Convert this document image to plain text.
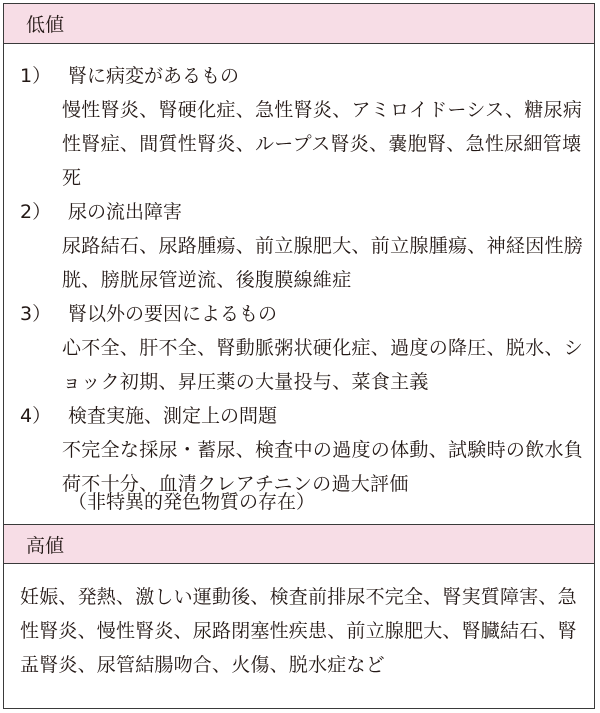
低値
1） 腎に病変があるもの
慢性腎炎、腎硬化症、急性腎炎、アミロイドーシス、糖尿病性腎症、間質性腎炎、ループス腎炎、嚢胞腎、急性尿細管壊死
2） 尿の流出障害
尿路結石、尿路腫瘍、前立腺肥大、前立腺腫瘍、神経因性膀胱、膀胱尿管逆流、後腹膜線維症
3） 腎以外の要因によるもの
心不全、肝不全、腎動脈粥状硬化症、過度の降圧、脱水、ショック初期、昇圧薬の大量投与、菜食主義
4） 検査実施、測定上の問題
不完全な採尿・蓄尿、検査中の過度の体動、試験時の飲水負荷不十分、血清クレアチニンの過大評価
（非特異的発色物質の存在）
高値
妊娠、発熱、激しい運動後、検査前排尿不完全、腎実質障害、急性腎炎、慢性腎炎、尿路閉塞性疾患、前立腺肥大、腎臓結石、腎盂腎炎、尿管結腸吻合、火傷、脱水症など
